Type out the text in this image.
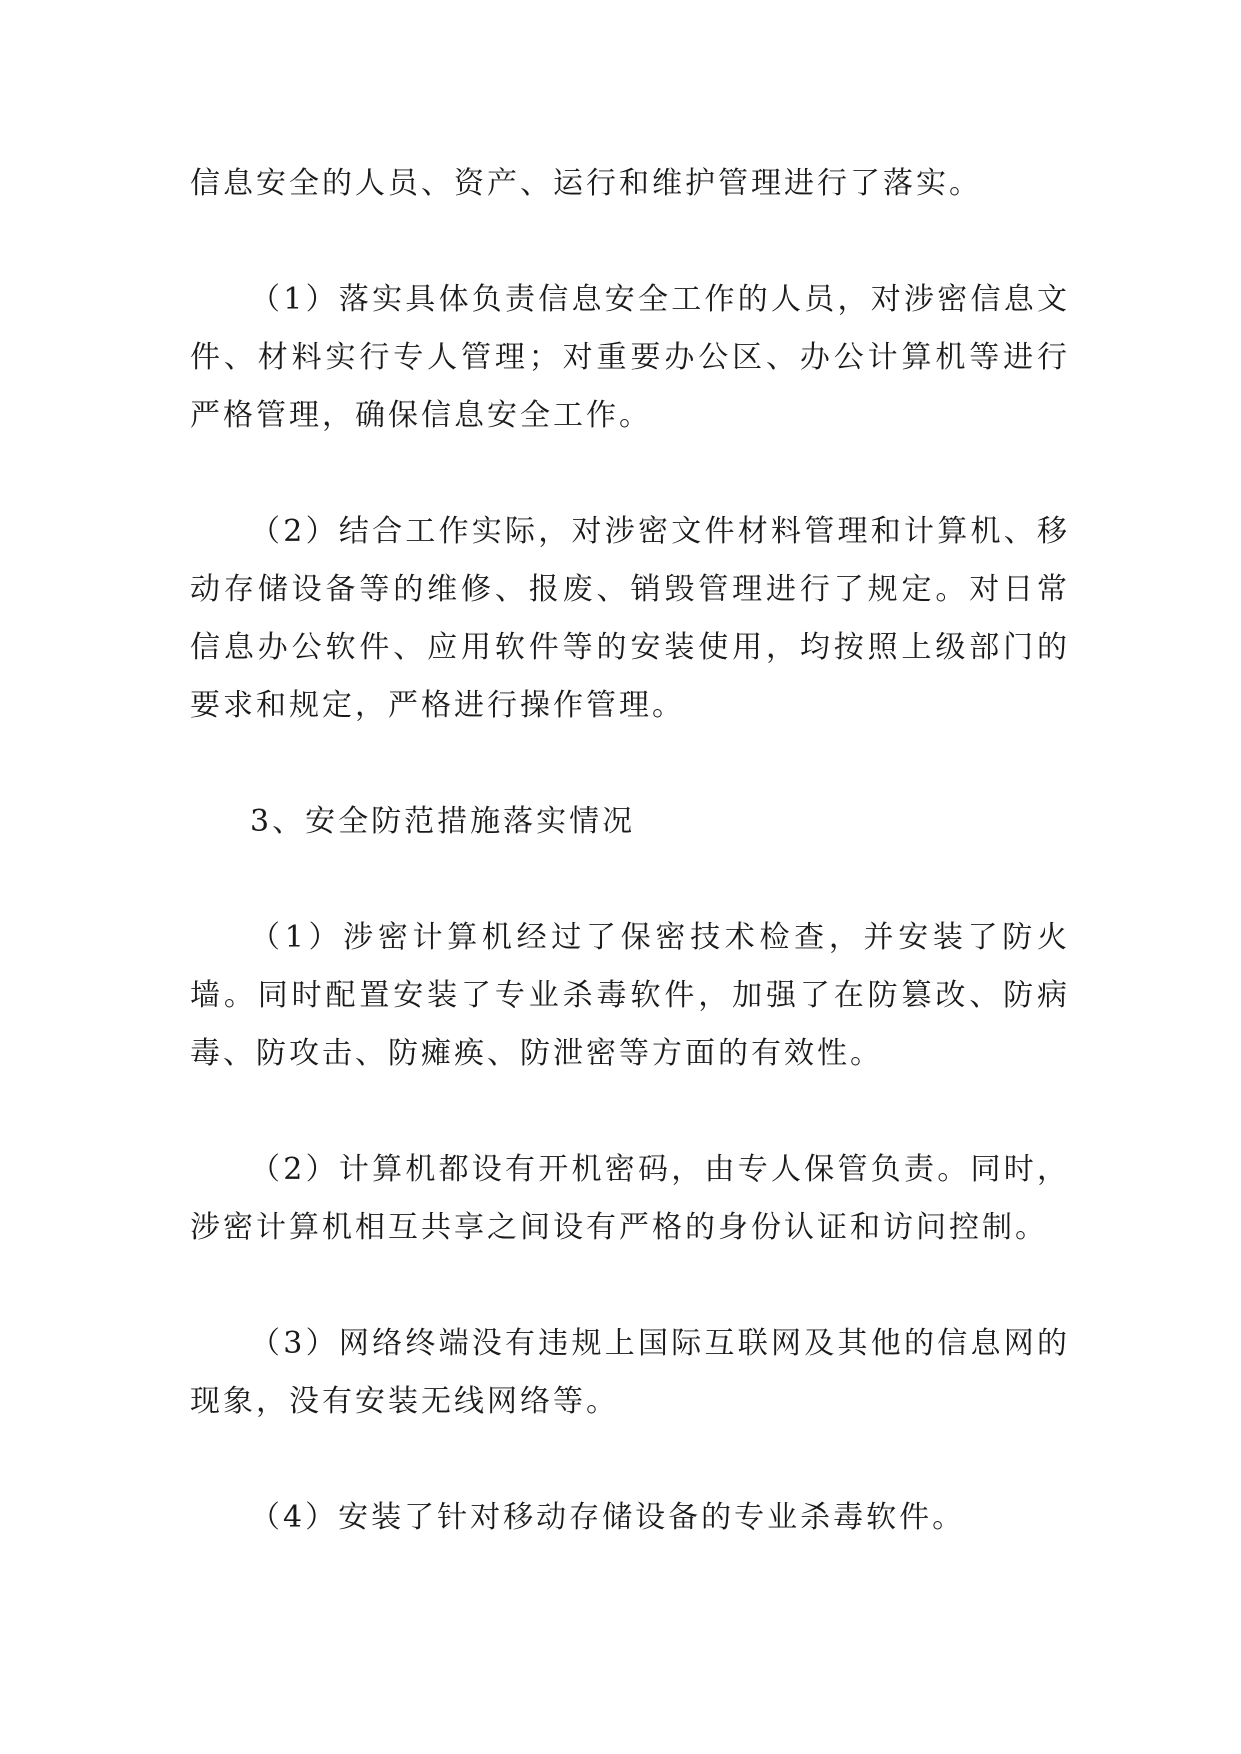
信息安全的人员、资产、运行和维护管理进行了落实。

（1）落实具体负责信息安全工作的人员，对涉密信息文件、材料实行专人管理；对重要办公区、办公计算机等进行严格管理，确保信息安全工作。

（2）结合工作实际，对涉密文件材料管理和计算机、移动存储设备等的维修、报废、销毁管理进行了规定。对日常信息办公软件、应用软件等的安装使用，均按照上级部门的要求和规定，严格进行操作管理。

3、安全防范措施落实情况

（1）涉密计算机经过了保密技术检查，并安装了防火墙。同时配置安装了专业杀毒软件，加强了在防篡改、防病毒、防攻击、防瘫痪、防泄密等方面的有效性。

（2）计算机都设有开机密码，由专人保管负责。同时，涉密计算机相互共享之间设有严格的身份认证和访问控制。

（3）网络终端没有违规上国际互联网及其他的信息网的现象，没有安装无线网络等。

（4）安装了针对移动存储设备的专业杀毒软件。
